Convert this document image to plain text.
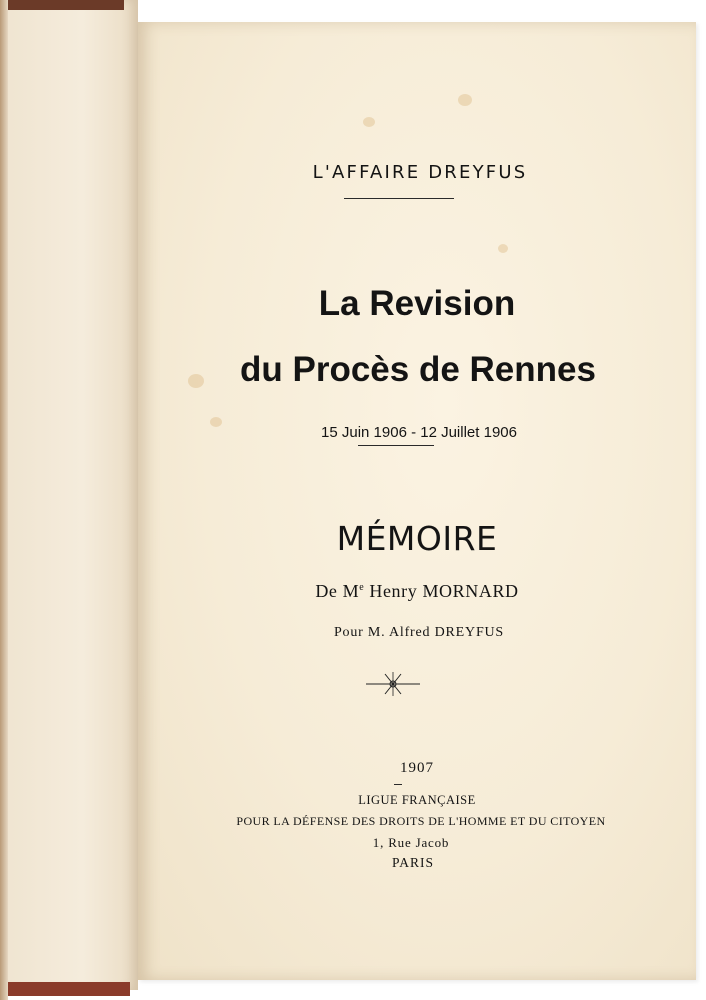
L'AFFAIRE DREYFUS
La Revision
du Procès de Rennes
15 Juin 1906 - 12 Juillet 1906
MÉMOIRE
De Me Henry MORNARD
Pour M. Alfred DREYFUS
1907
LIGUE FRANÇAISE
POUR LA DÉFENSE DES DROITS DE L'HOMME ET DU CITOYEN
1, Rue Jacob
PARIS
